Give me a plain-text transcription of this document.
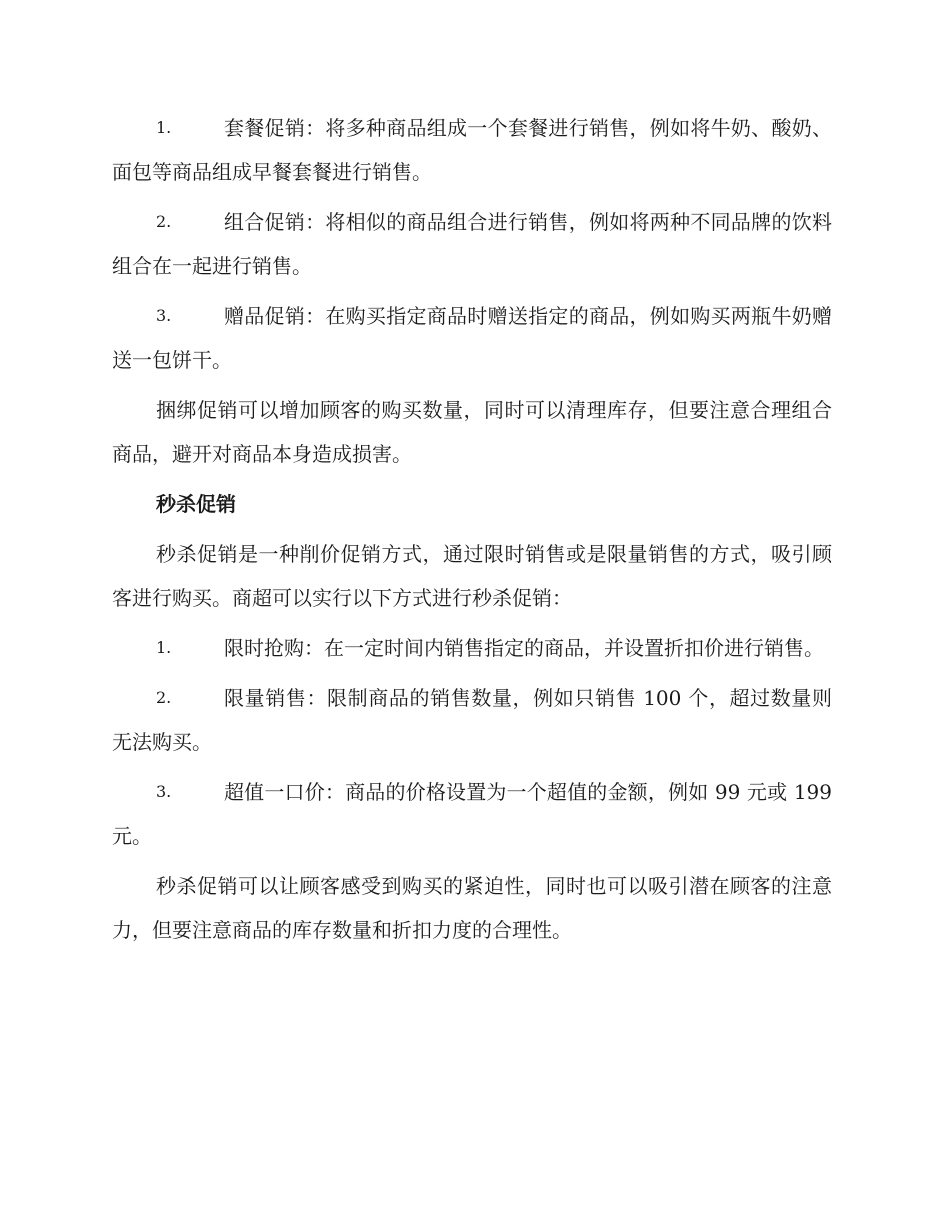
1.	套餐促销：将多种商品组成一个套餐进行销售，例如将牛奶、酸奶、面包等商品组成早餐套餐进行销售。
2.	组合促销：将相似的商品组合进行销售，例如将两种不同品牌的饮料组合在一起进行销售。
3.	赠品促销：在购买指定商品时赠送指定的商品，例如购买两瓶牛奶赠送一包饼干。

捆绑促销可以增加顾客的购买数量，同时可以清理库存，但要注意合理组合商品，避开对商品本身造成损害。

秒杀促销

秒杀促销是一种削价促销方式，通过限时销售或是限量销售的方式，吸引顾客进行购买。商超可以实行以下方式进行秒杀促销：

1.	限时抢购：在一定时间内销售指定的商品，并设置折扣价进行销售。
2.	限量销售：限制商品的销售数量，例如只销售 100 个，超过数量则无法购买。
3.	超值一口价：商品的价格设置为一个超值的金额，例如 99 元或 199 元。

秒杀促销可以让顾客感受到购买的紧迫性，同时也可以吸引潜在顾客的注意力，但要注意商品的库存数量和折扣力度的合理性。
